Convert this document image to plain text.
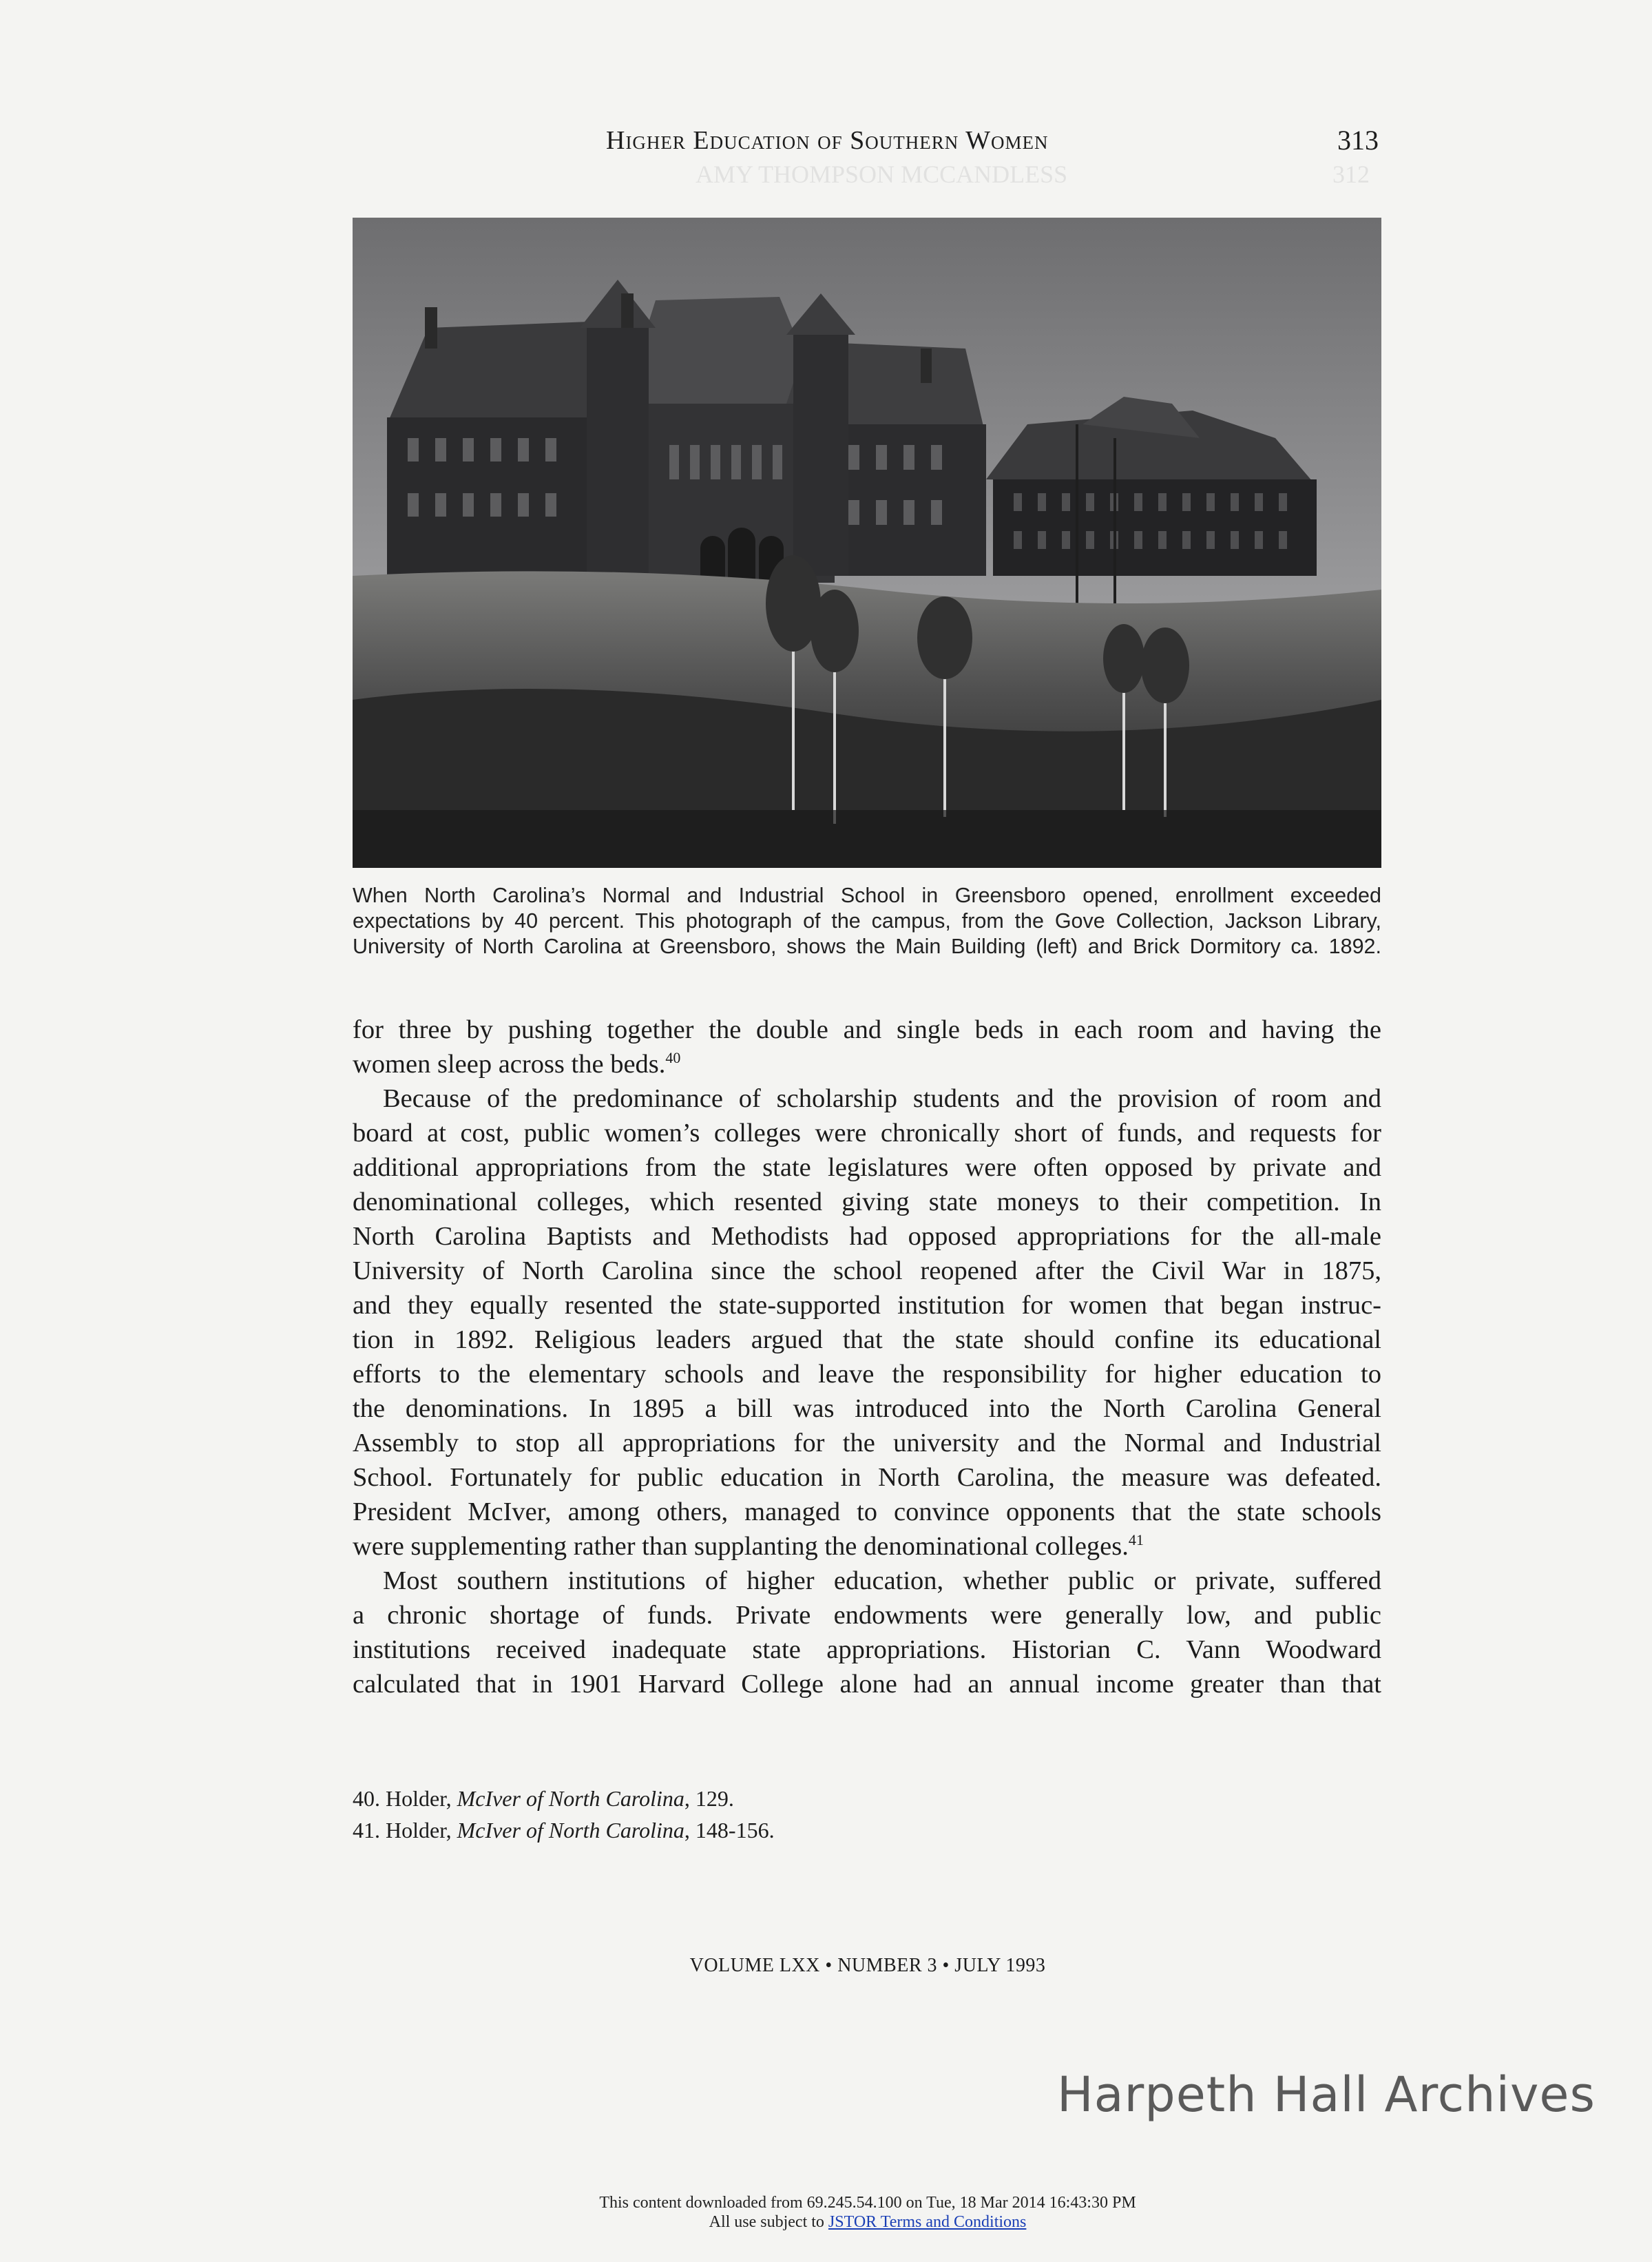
AMY THOMPSON MCCANDLESS	312
Higher Education of Southern Women	313
When North Carolina’s Normal and Industrial School in Greensboro opened, enrollment exceeded
expectations by 40 percent. This photograph of the campus, from the Gove Collection, Jackson Library,
University of North Carolina at Greensboro, shows the Main Building (left) and Brick Dormitory ca. 1892.
for three by pushing together the double and single beds in each room and having the
women sleep across the beds.$^{40}$
Because of the predominance of scholarship students and the provision of room and
board at cost, public women’s colleges were chronically short of funds, and requests for
additional appropriations from the state legislatures were often opposed by private and
denominational colleges, which resented giving state moneys to their competition. In
North Carolina Baptists and Methodists had opposed appropriations for the all-male
University of North Carolina since the school reopened after the Civil War in 1875,
and they equally resented the state-supported institution for women that began instruc-
tion in 1892. Religious leaders argued that the state should confine its educational
efforts to the elementary schools and leave the responsibility for higher education to
the denominations. In 1895 a bill was introduced into the North Carolina General
Assembly to stop all appropriations for the university and the Normal and Industrial
School. Fortunately for public education in North Carolina, the measure was defeated.
President McIver, among others, managed to convince opponents that the state schools
were supplementing rather than supplanting the denominational colleges.$^{41}$
Most southern institutions of higher education, whether public or private, suffered
a chronic shortage of funds. Private endowments were generally low, and public
institutions received inadequate state appropriations. Historian C. Vann Woodward
calculated that in 1901 Harvard College alone had an annual income greater than that
40. Holder, McIver of North Carolina, 129.
41. Holder, McIver of North Carolina, 148-156.
VOLUME LXX • NUMBER 3 • JULY 1993
Harpeth Hall Archives
This content downloaded from 69.245.54.100 on Tue, 18 Mar 2014 16:43:30 PM
All use subject to JSTOR Terms and Conditions
